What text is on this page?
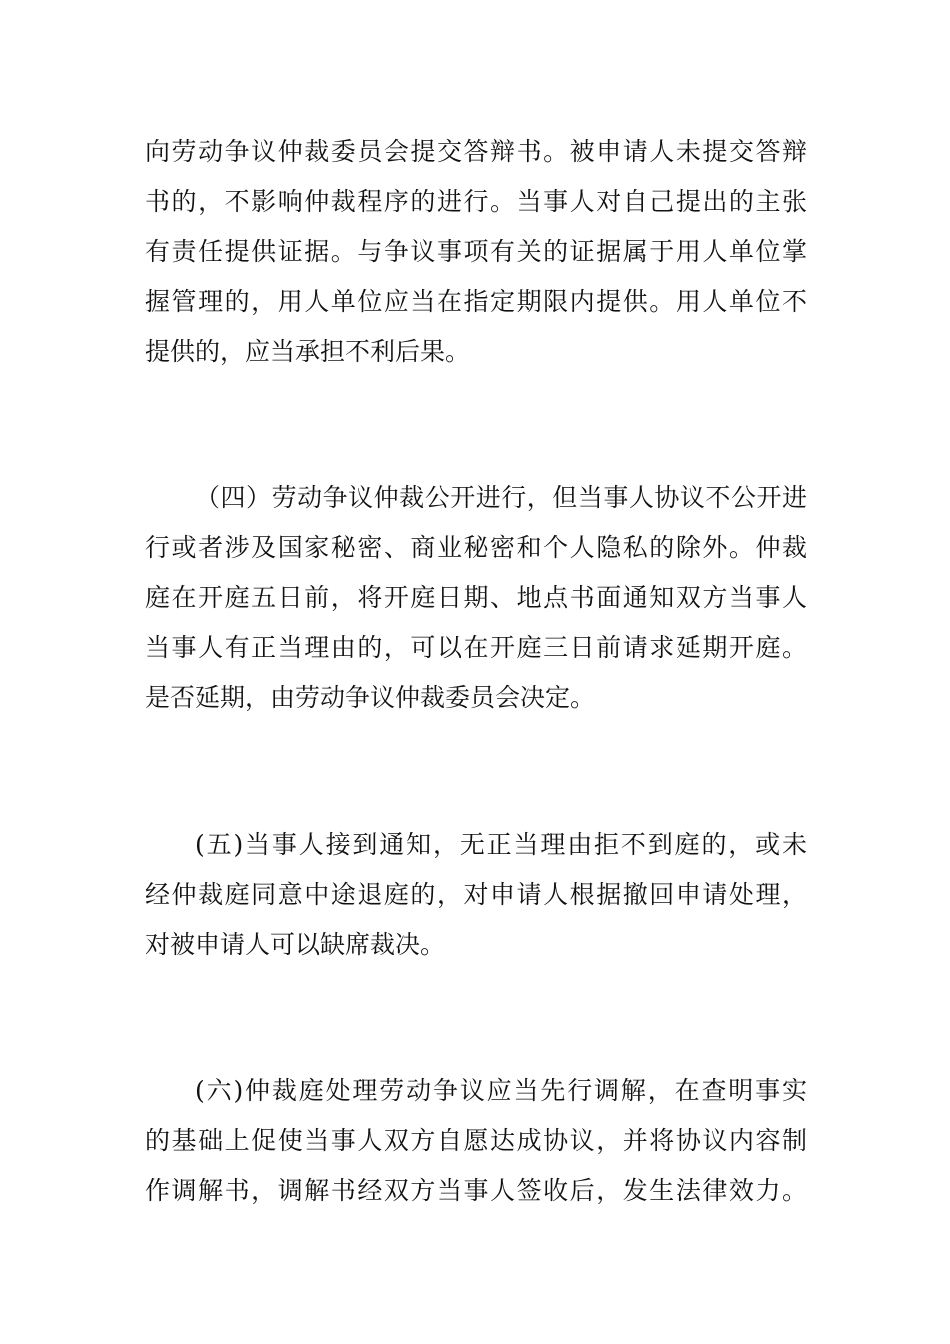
向劳动争议仲裁委员会提交答辩书。被申请人未提交答辩
书的，不影响仲裁程序的进行。当事人对自己提出的主张
有责任提供证据。与争议事项有关的证据属于用人单位掌
握管理的，用人单位应当在指定期限内提供。用人单位不
提供的，应当承担不利后果。
（四）劳动争议仲裁公开进行，但当事人协议不公开进
行或者涉及国家秘密、商业秘密和个人隐私的除外。仲裁
庭在开庭五日前，将开庭日期、地点书面通知双方当事人
当事人有正当理由的，可以在开庭三日前请求延期开庭。
是否延期，由劳动争议仲裁委员会决定。
(五)当事人接到通知，无正当理由拒不到庭的，或未
经仲裁庭同意中途退庭的，对申请人根据撤回申请处理，
对被申请人可以缺席裁决。
(六)仲裁庭处理劳动争议应当先行调解，在查明事实
的基础上促使当事人双方自愿达成协议，并将协议内容制
作调解书，调解书经双方当事人签收后，发生法律效力。
